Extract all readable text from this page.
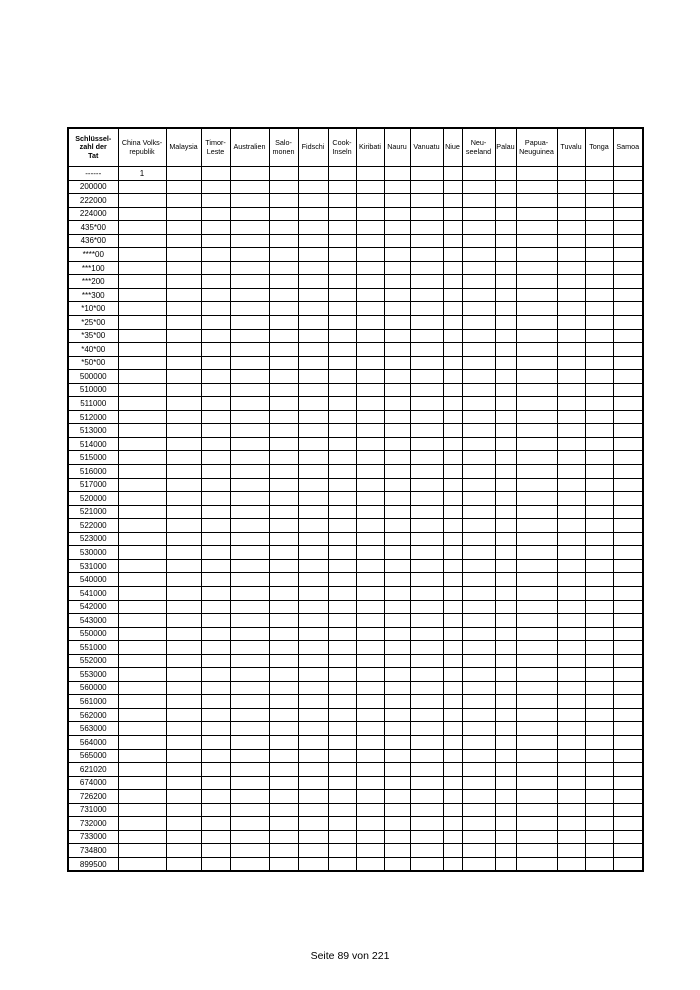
Schlüssel-
zahl der
Tat	China Volks-
republik	Malaysia	Timor-
Leste	Australien	Salo-
monen	Fidschi	Cook-
Inseln	Kiribati	Nauru	Vanuatu	Niue	Neu-
seeland	Palau	Papua-
Neuguinea	Tuvalu	Tonga	Samoa
------	1																
200000																	
222000																	
224000																	
435*00																	
436*00																	
****00																	
***100																	
***200																	
***300																	
*10*00																	
*25*00																	
*35*00																	
*40*00																	
*50*00																	
500000																	
510000																	
511000																	
512000																	
513000																	
514000																	
515000																	
516000																	
517000																	
520000																	
521000																	
522000																	
523000																	
530000																	
531000																	
540000																	
541000																	
542000																	
543000																	
550000																	
551000																	
552000																	
553000																	
560000																	
561000																	
562000																	
563000																	
564000																	
565000																	
621020																	
674000																	
726200																	
731000																	
732000																	
733000																	
734800																	
899500																	
Seite 89 von 221
